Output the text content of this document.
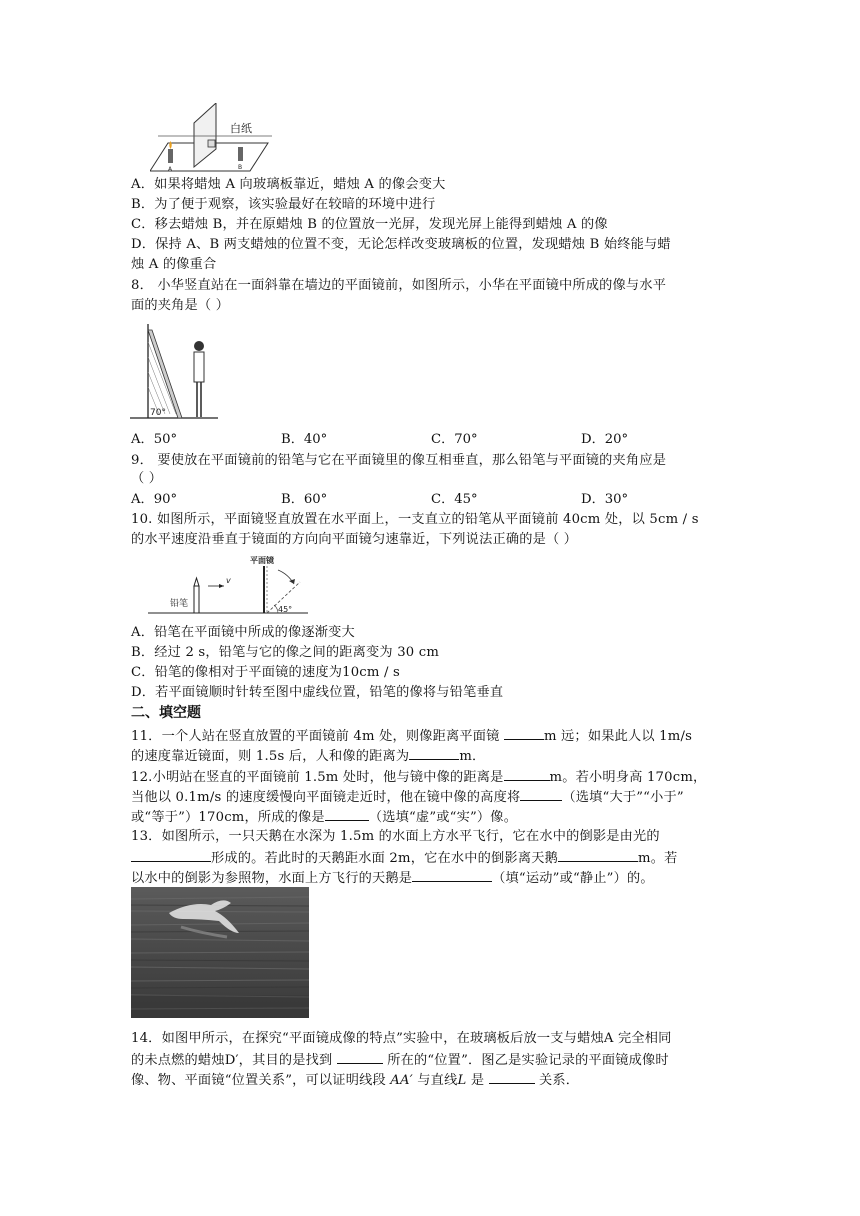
白纸
A	B
A．如果将蜡烛 A 向玻璃板靠近，蜡烛 A 的像会变大
B．为了便于观察，该实验最好在较暗的环境中进行
C．移去蜡烛 B，并在原蜡烛 B 的位置放一光屏，发现光屏上能得到蜡烛 A 的像
D．保持 A、B 两支蜡烛的位置不变，无论怎样改变玻璃板的位置，发现蜡烛 B 始终能与蜡
烛 A 的像重合
8． 小华竖直站在一面斜靠在墙边的平面镜前，如图所示，小华在平面镜中所成的像与水平
面的夹角是（ ）
70°
A．50°	B．40°	C．70°	D．20°
9． 要使放在平面镜前的铅笔与它在平面镜里的像互相垂直，那么铅笔与平面镜的夹角应是
（ ）
A．90°	B．60°	C．45°	D．30°
10. 如图所示，平面镜竖直放置在水平面上，一支直立的铅笔从平面镜前 40cm 处，以 5cm / s
的水平速度沿垂直于镜面的方向向平面镜匀速靠近，下列说法正确的是（ ）
平面镜
铅笔
v
45°
A．铅笔在平面镜中所成的像逐渐变大
B．经过 2 s，铅笔与它的像之间的距离变为 30 cm
C．铅笔的像相对于平面镜的速度为10cm / s
D．若平面镜顺时针转至图中虚线位置，铅笔的像将与铅笔垂直
二、填空题
11．一个人站在竖直放置的平面镜前 4m 处，则像距离平面镜	m 远；如果此人以 1m/s
的速度靠近镜面，则 1.5s 后，人和像的距离为	m．
12.小明站在竖直的平面镜前 1.5m 处时，他与镜中像的距离是	m。若小明身高 170cm，
当他以 0.1m/s 的速度缓慢向平面镜走近时，他在镜中像的高度将	（选填“大于”“小于”
或“等于”）170cm，所成的像是	（选填“虚”或“实”）像。
13．如图所示，一只天鹅在水深为 1.5m 的水面上方水平飞行，它在水中的倒影是由光的
形成的。若此时的天鹅距水面 2m，它在水中的倒影离天鹅	m。若
以水中的倒影为参照物，水面上方飞行的天鹅是	（填“运动”或“静止”）的。
14．如图甲所示，在探究“平面镜成像的特点”实验中，在玻璃板后放一支与蜡烛A 完全相同
的未点燃的蜡烛D′，其目的是找到	所在的“位置”．图乙是实验记录的平面镜成像时
像、物、平面镜“位置关系”，可以证明线段 AA′ 与直线L 是	关系．
